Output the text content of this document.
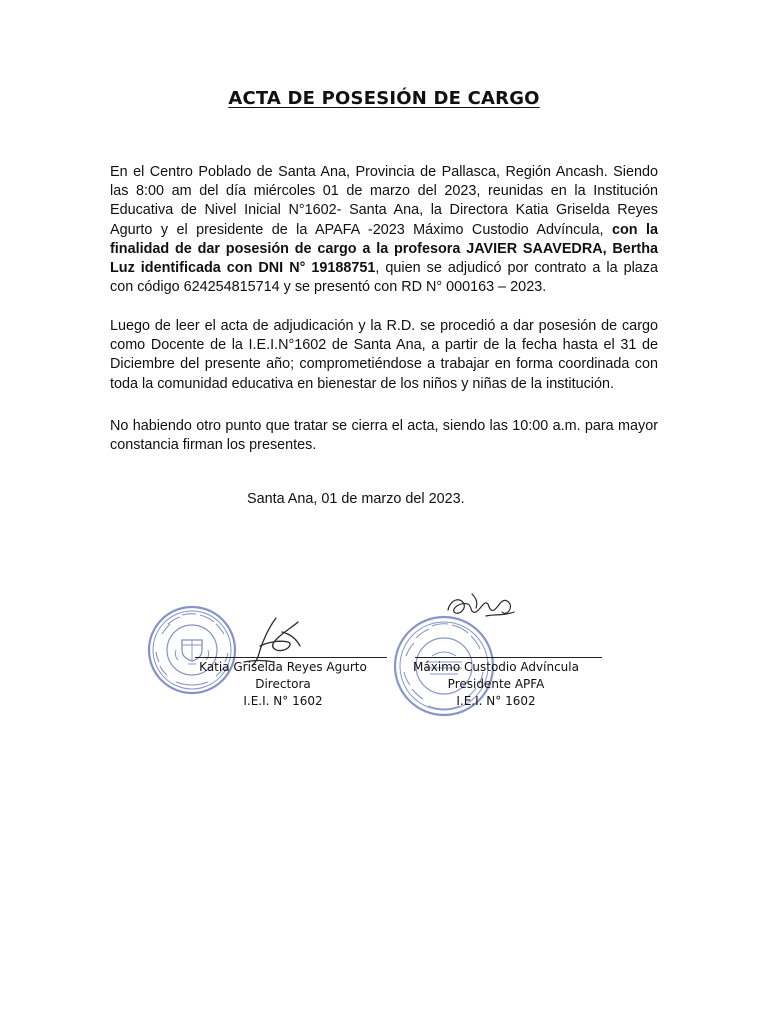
ACTA DE POSESIÓN DE CARGO
En el Centro Poblado de Santa Ana, Provincia de Pallasca, Región Ancash. Siendo las 8:00 am del día miércoles 01 de marzo del 2023, reunidas en la Institución Educativa de Nivel Inicial N°1602- Santa Ana, la Directora Katia Griselda Reyes Agurto y el presidente de la APAFA -2023 Máximo Custodio Advíncula, con la finalidad de dar posesión de cargo a la profesora JAVIER SAAVEDRA, Bertha Luz identificada con DNI N° 19188751, quien se adjudicó por contrato a la plaza con código 624254815714 y se presentó con RD N° 000163 – 2023.
Luego de leer el acta de adjudicación y la R.D. se procedió a dar posesión de cargo como Docente de la I.E.I.N°1602 de Santa Ana, a partir de la fecha hasta el 31 de Diciembre del presente año; comprometiéndose a trabajar en forma coordinada con toda la comunidad educativa en bienestar de los niños y niñas de la institución.
No habiendo otro punto que tratar se cierra el acta, siendo las 10:00 a.m. para mayor constancia firman los presentes.
Santa Ana, 01 de marzo del 2023.
Katia Griselda Reyes Agurto
Directora
I.E.I. N° 1602
Máximo Custodio Advíncula
Presidente APFA
I.E.I. N° 1602
